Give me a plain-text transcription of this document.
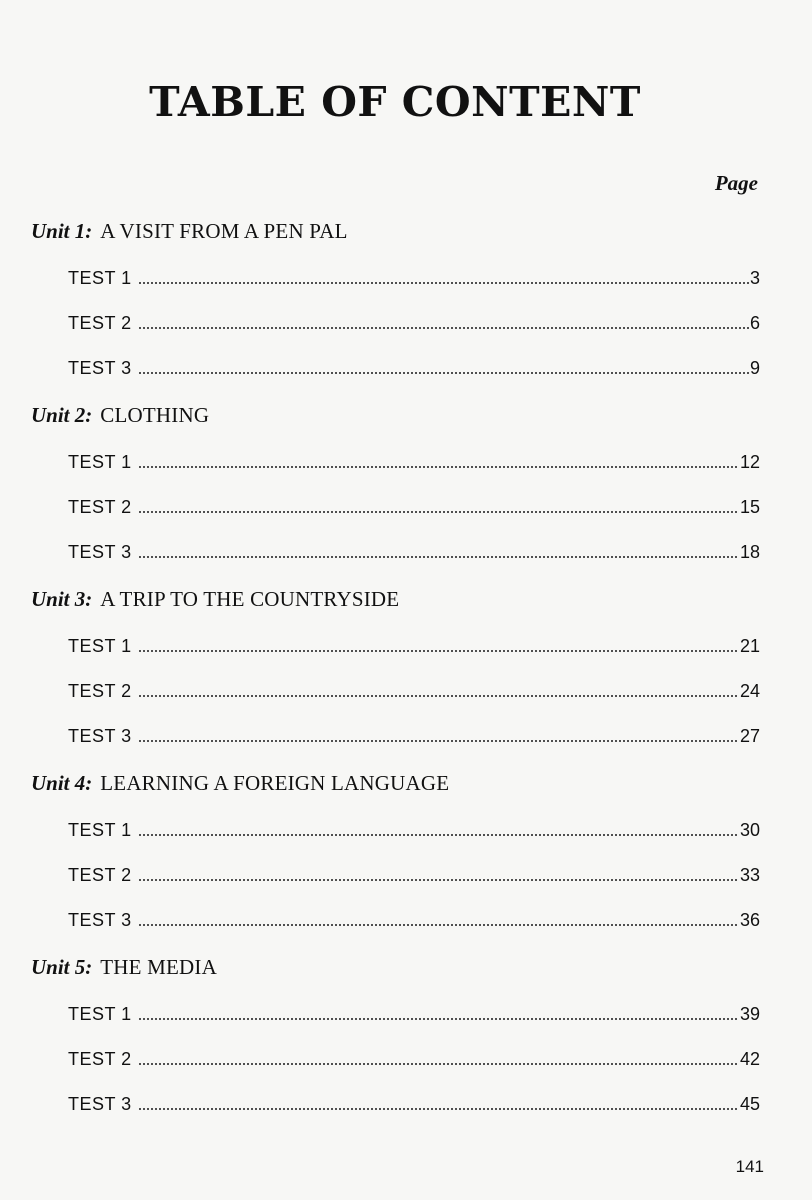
TABLE OF CONTENT
Page
Unit 1: A VISIT FROM A PEN PAL
TEST 1	3
TEST 2	6
TEST 3	9
Unit 2: CLOTHING
TEST 1	12
TEST 2	15
TEST 3	18
Unit 3: A TRIP TO THE COUNTRYSIDE
TEST 1	21
TEST 2	24
TEST 3	27
Unit 4: LEARNING A FOREIGN LANGUAGE
TEST 1	30
TEST 2	33
TEST 3	36
Unit 5: THE MEDIA
TEST 1	39
TEST 2	42
TEST 3	45
141
